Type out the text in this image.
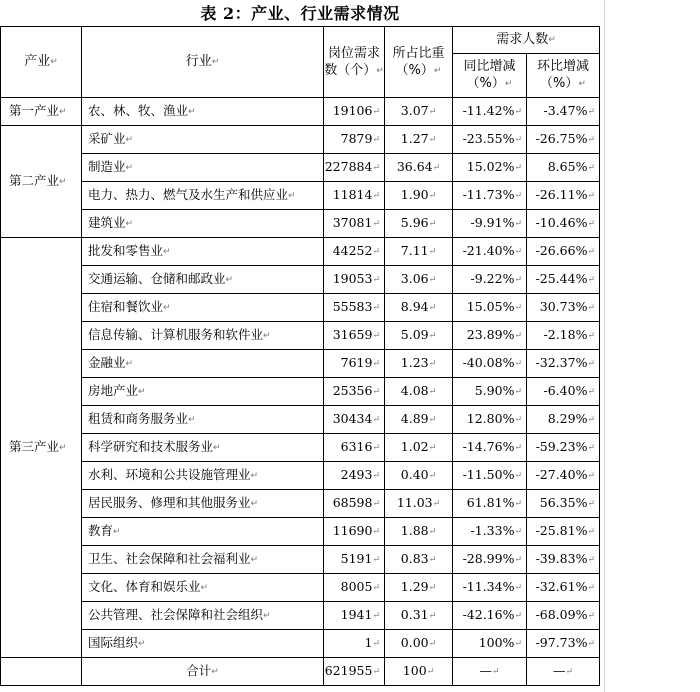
表 2：产业、行业需求情况
产业↵	行业↵	岗位需求数（个）↵	所占比重（%）↵	需求人数↵	
				同比增减（%）↵	环比增减（%）↵
第一产业↵	农、林、牧、渔业↵	19106↵	3.07↵	-11.42%↵	-3.47%↵
第二产业↵	采矿业↵	7879↵	1.27↵	-23.55%↵	-26.75%↵
	制造业↵	227884↵	36.64↵	15.02%↵	8.65%↵
	电力、热力、燃气及水生产和供应业↵	11814↵	1.90↵	-11.73%↵	-26.11%↵
	建筑业↵	37081↵	5.96↵	-9.91%↵	-10.46%↵
第三产业↵	批发和零售业↵	44252↵	7.11↵	-21.40%↵	-26.66%↵
	交通运输、仓储和邮政业↵	19053↵	3.06↵	-9.22%↵	-25.44%↵
	住宿和餐饮业↵	55583↵	8.94↵	15.05%↵	30.73%↵
	信息传输、计算机服务和软件业↵	31659↵	5.09↵	23.89%↵	-2.18%↵
	金融业↵	7619↵	1.23↵	-40.08%↵	-32.37%↵
	房地产业↵	25356↵	4.08↵	5.90%↵	-6.40%↵
	租赁和商务服务业↵	30434↵	4.89↵	12.80%↵	8.29%↵
	科学研究和技术服务业↵	6316↵	1.02↵	-14.76%↵	-59.23%↵
	水利、环境和公共设施管理业↵	2493↵	0.40↵	-11.50%↵	-27.40%↵
	居民服务、修理和其他服务业↵	68598↵	11.03↵	61.81%↵	56.35%↵
	教育↵	11690↵	1.88↵	-1.33%↵	-25.81%↵
	卫生、社会保障和社会福利业↵	5191↵	0.83↵	-28.99%↵	-39.83%↵
	文化、体育和娱乐业↵	8005↵	1.29↵	-11.34%↵	-32.61%↵
	公共管理、社会保障和社会组织↵	1941↵	0.31↵	-42.16%↵	-68.09%↵
	国际组织↵	1↵	0.00↵	100%↵	-97.73%↵
	合计↵	621955↵	100↵	—↵	—↵
